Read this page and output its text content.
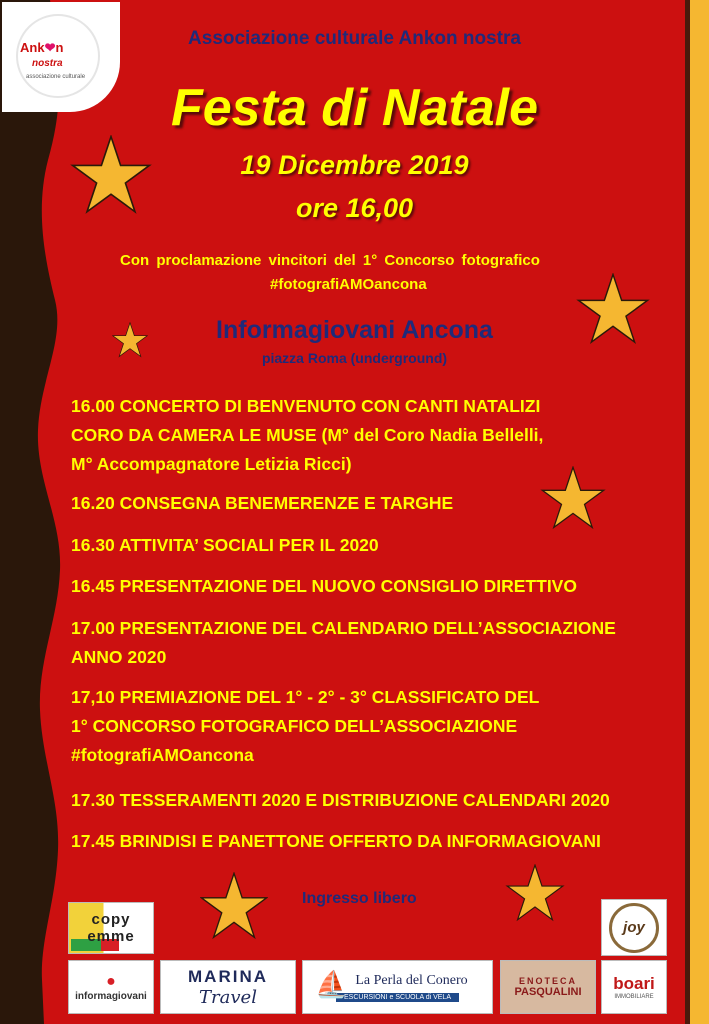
Ank❤n
nostra
associazione culturale
Associazione culturale Ankon nostra
Festa di Natale
19 Dicembre 2019
ore 16,00
Con proclamazione vincitori del 1° Concorso fotografico
#fotografiAMOancona
Informagiovani Ancona
piazza Roma (underground)
16.00 CONCERTO DI BENVENUTO CON CANTI NATALIZI
CORO DA CAMERA LE MUSE (M° del Coro Nadia Bellelli,
M° Accompagnatore Letizia Ricci)
16.20 CONSEGNA BENEMERENZE E TARGHE
16.30 ATTIVITA’ SOCIALI PER IL 2020
16.45 PRESENTAZIONE DEL NUOVO CONSIGLIO DIRETTIVO
17.00 PRESENTAZIONE DEL CALENDARIO DELL’ASSOCIAZIONE
ANNO 2020
17,10 PREMIAZIONE DEL 1° - 2° - 3° CLASSIFICATO DEL
1° CONCORSO FOTOGRAFICO DELL’ASSOCIAZIONE
#fotografiAMOancona
17.30 TESSERAMENTI 2020 E DISTRIBUZIONE CALENDARI 2020
17.45 BRINDISI E PANETTONE OFFERTO DA INFORMAGIOVANI
Ingresso libero
copy emme
joy
●
informagiovani
MARINA
Travel
La Perla del Conero
ESCURSIONI e SCUOLA di VELA
⛵	ENOTECA
PASQUALINI boari
IMMOBILIARE
